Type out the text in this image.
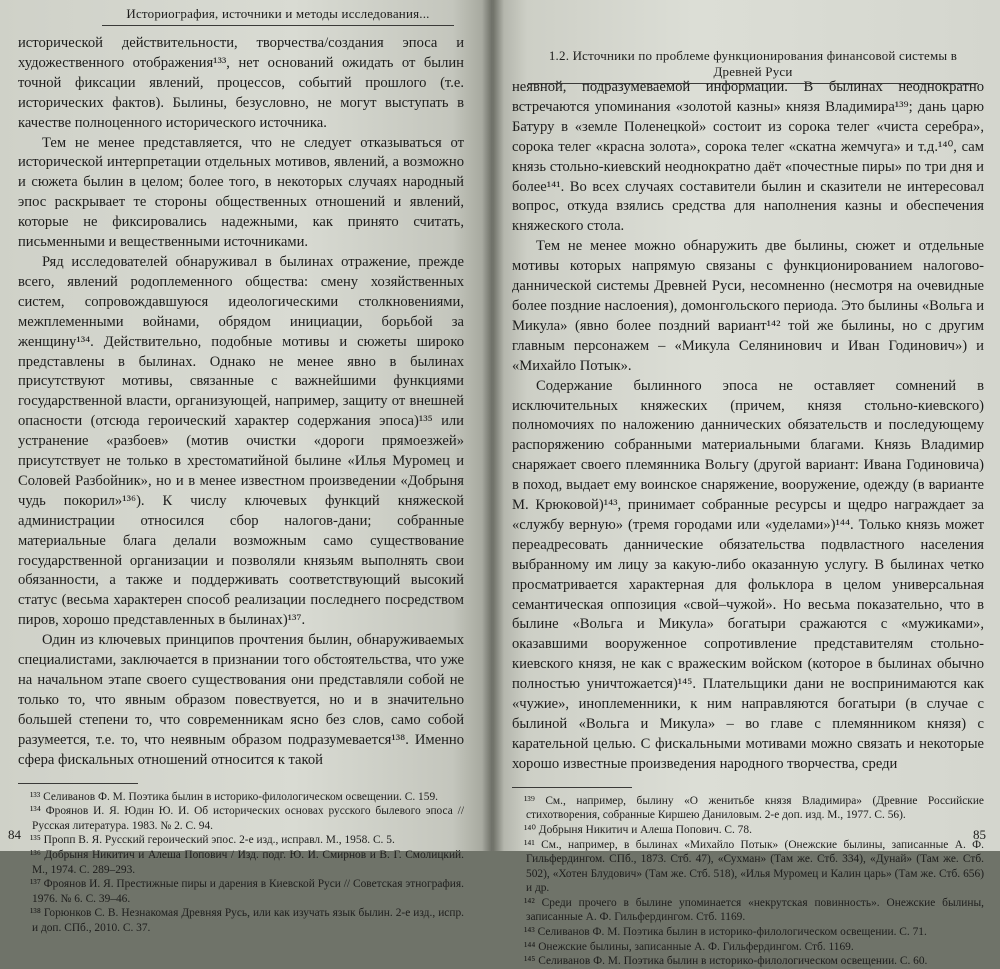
Историография, источники и методы исследования...

исторической действительности, творчества/создания эпоса и художественного отображения¹³³, нет оснований ожидать от былин точной фиксации явлений, процессов, событий прошлого (т.е. исторических фактов). Былины, безусловно, не могут выступать в качестве полноценного исторического источника.

Тем не менее представляется, что не следует отказываться от исторической интерпретации отдельных мотивов, явлений, а возможно и сюжета былин в целом; более того, в некоторых случаях народный эпос раскрывает те стороны общественных отношений и явлений, которые не фиксировались надежными, как принято считать, письменными и вещественными источниками.

Ряд исследователей обнаруживал в былинах отражение, прежде всего, явлений родоплеменного общества: смену хозяйственных систем, сопровождавшуюся идеологическими столкновениями, межплеменными войнами, обрядом инициации, борьбой за женщину¹³⁴. Действительно, подобные мотивы и сюжеты широко представлены в былинах. Однако не менее явно в былинах присутствуют мотивы, связанные с важнейшими функциями государственной власти, организующей, например, защиту от внешней опасности (отсюда героический характер содержания эпоса)¹³⁵ или устранение «разбоев» (мотив очистки «дороги прямоезжей» присутствует не только в хрестоматийной былине «Илья Муромец и Соловей Разбойник», но и в менее известном произведении «Добрыня чудь покорил»¹³⁶). К числу ключевых функций княжеской администрации относился сбор налогов-дани; собранные материальные блага делали возможным само существование государственной организации и позволяли князьям выполнять свои обязанности, а также и поддерживать соответствующий высокий статус (весьма характерен способ реализации последнего посредством пиров, хорошо представленных в былинах)¹³⁷.

Один из ключевых принципов прочтения былин, обнаруживаемых специалистами, заключается в признании того обстоятельства, что уже на начальном этапе своего существования они представляли собой не только то, что явным образом повествуется, но и в значительно большей степени то, что современникам ясно без слов, само собой разумеется, т.е. то, что неявным образом подразумевается¹³⁸. Именно сфера фискальных отношений относится к такой

¹³³ Селиванов Ф. М. Поэтика былин в историко-филологическом освещении. С. 159.

¹³⁴ Фроянов И. Я. Юдин Ю. И. Об исторических основах русского былевого эпоса // Русская литература. 1983. № 2. С. 94.

¹³⁵ Пропп В. Я. Русский героический эпос. 2-е изд., исправл. М., 1958. С. 5.

¹³⁶ Добрыня Никитич и Алеша Попович / Изд. подг. Ю. И. Смирнов и В. Г. Смолицкий. М., 1974. С. 289–293.

¹³⁷ Фроянов И. Я. Престижные пиры и дарения в Киевской Руси // Советская этнография. 1976. № 6. С. 39–46.

¹³⁸ Горюнков С. В. Незнакомая Древняя Русь, или как изучать язык былин. 2-е изд., испр. и доп. СПб., 2010. С. 37.

84
1.2. Источники по проблеме функционирования финансовой системы в Древней Руси

неявной, подразумеваемой информации. В былинах неоднократно встречаются упоминания «золотой казны» князя Владимира¹³⁹; дань царю Батуру в «земле Поленецкой» состоит из сорока телег «чиста серебра», сорока телег «красна золота», сорока телег «скатна жемчуга» и т.д.¹⁴⁰, сам князь стольно-киевский неоднократно даёт «почестные пиры» по три дня и более¹⁴¹. Во всех случаях составители былин и сказители не интересовал вопрос, откуда взялись средства для наполнения казны и обеспечения княжеского стола.

Тем не менее можно обнаружить две былины, сюжет и отдельные мотивы которых напрямую связаны с функционированием налогово-даннической системы Древней Руси, несомненно (несмотря на очевидные более поздние наслоения), домонгольского периода. Это былины «Вольга и Микула» (явно более поздний вариант¹⁴² той же былины, но с другим главным персонажем – «Микула Селянинович и Иван Годинович») и «Михайло Потык».

Содержание былинного эпоса не оставляет сомнений в исключительных княжеских (причем, князя стольно-киевского) полномочиях по наложению даннических обязательств и последующему распоряжению собранными материальными благами. Князь Владимир снаряжает своего племянника Вольгу (другой вариант: Ивана Годиновича) в поход, выдает ему воинское снаряжение, вооружение, одежду (в варианте М. Крюковой)¹⁴³, принимает собранные ресурсы и щедро награждает за «службу верную» (тремя городами или «уделами»)¹⁴⁴. Только князь может переадресовать даннические обязательства подвластного населения выбранному им лицу за какую-либо оказанную услугу. В былинах четко просматривается характерная для фольклора в целом универсальная семантическая оппозиция «свой–чужой». Но весьма показательно, что в былине «Вольга и Микула» богатыри сражаются с «мужиками», оказавшими вооруженное сопротивление представителям стольно-киевского князя, не как с вражеским войском (которое в былинах обычно полностью уничтожается)¹⁴⁵. Плательщики дани не воспринимаются как «чужие», иноплеменники, к ним направляются богатыри (в случае с былиной «Вольга и Микула» – во главе с племянником князя) с карательной целью. С фискальными мотивами можно связать и некоторые хорошо известные произведения народного творчества, среди

¹³⁹ См., например, былину «О женитьбе князя Владимира» (Древние Российские стихотворения, собранные Киршею Даниловым. 2-е доп. изд. М., 1977. С. 56).

¹⁴⁰ Добрыня Никитич и Алеша Попович. С. 78.

¹⁴¹ См., например, в былинах «Михайло Потык» (Онежские былины, записанные А. Ф. Гильфердингом. СПб., 1873. Стб. 47), «Сухман» (Там же. Стб. 334), «Дунай» (Там же. Стб. 502), «Хотен Блудович» (Там же. Стб. 518), «Илья Муромец и Калин царь» (Там же. Стб. 656) и др.

¹⁴² Среди прочего в былине упоминается «некрутская повинность». Онежские былины, записанные А. Ф. Гильфердингом. Стб. 1169.

¹⁴³ Селиванов Ф. М. Поэтика былин в историко-филологическом освещении. С. 71.

¹⁴⁴ Онежские былины, записанные А. Ф. Гильфердингом. Стб. 1169.

¹⁴⁵ Селиванов Ф. М. Поэтика былин в историко-филологическом освещении. С. 60.

85
